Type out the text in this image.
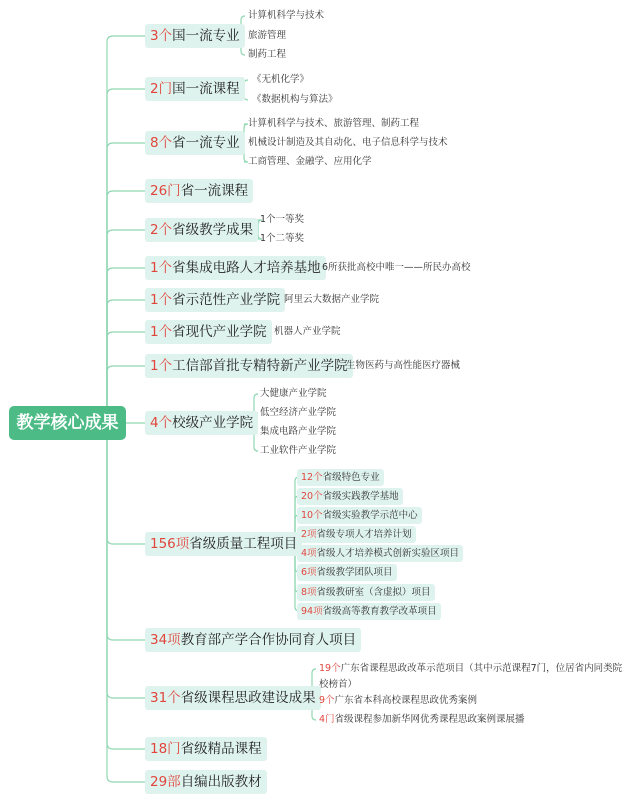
教学核心成果
3个国一流专业
计算机科学与技术
旅游管理
制药工程
2门国一流课程
《无机化学》
《数据机构与算法》
8个省一流专业
计算机科学与技术、旅游管理、制药工程
机械设计制造及其自动化、电子信息科学与技术
工商管理、金融学、应用化学
26门省一流课程
2个省级教学成果
1个一等奖
1个二等奖
1个省集成电路人才培养基地 6所获批高校中唯一——所民办高校
1个省示范性产业学院 阿里云大数据产业学院
1个省现代产业学院 机器人产业学院
1个工信部首批专精特新产业学院
生物医药与高性能医疗器械
4个校级产业学院
大健康产业学院
低空经济产业学院
集成电路产业学院
工业软件产业学院
156项省级质量工程项目
12个省级特色专业
20个省级实践教学基地
10个省级实验教学示范中心
2项省级专项人才培养计划
4项省级人才培养模式创新实验区项目
6项省级教学团队项目
8项省级教研室（含虚拟）项目
94项省级高等教育教学改革项目
34项教育部产学合作协同育人项目
31个省级课程思政建设成果
19个广东省课程思政改革示范项目（其中示范课程7门，位居省内同类院
校榜首）
9个广东省本科高校课程思政优秀案例
4门省级课程参加新华网优秀课程思政案例课展播
18门省级精品课程
29部自编出版教材
